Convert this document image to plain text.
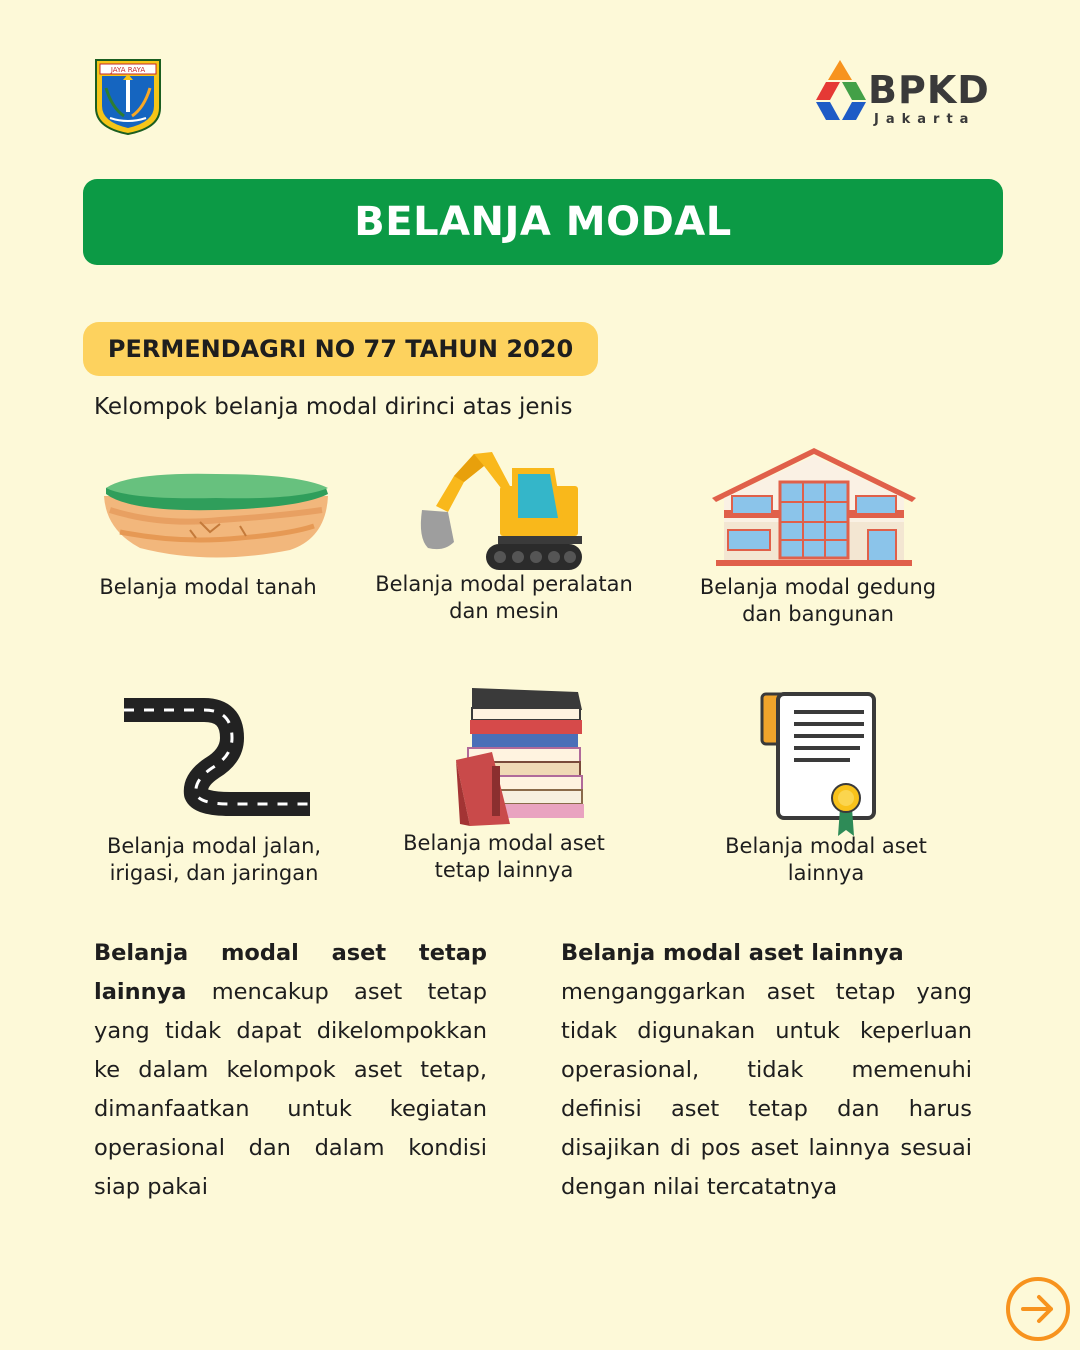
JAYA RAYA	BPKD
Jakarta
BELANJA MODAL
PERMENDAGRI NO 77 TAHUN 2020
Kelompok belanja modal dirinci atas jenis
Belanja modal tanah	Belanja modal peralatan
dan mesin
Belanja modal gedung
dan bangunan
Belanja modal jalan,
irigasi, dan jaringan
Belanja modal aset
tetap lainnya
Belanja modal aset
lainnya
Belanja modal aset tetap lainnya mencakup aset tetap yang tidak dapat dikelompokkan ke dalam kelompok aset tetap, dimanfaatkan untuk kegiatan operasional dan dalam kondisi siap pakai
Belanja modal aset lainnya
menganggarkan aset tetap yang tidak digunakan untuk keperluan operasional, tidak memenuhi definisi aset tetap dan harus disajikan di pos aset lainnya sesuai dengan nilai tercatatnya
